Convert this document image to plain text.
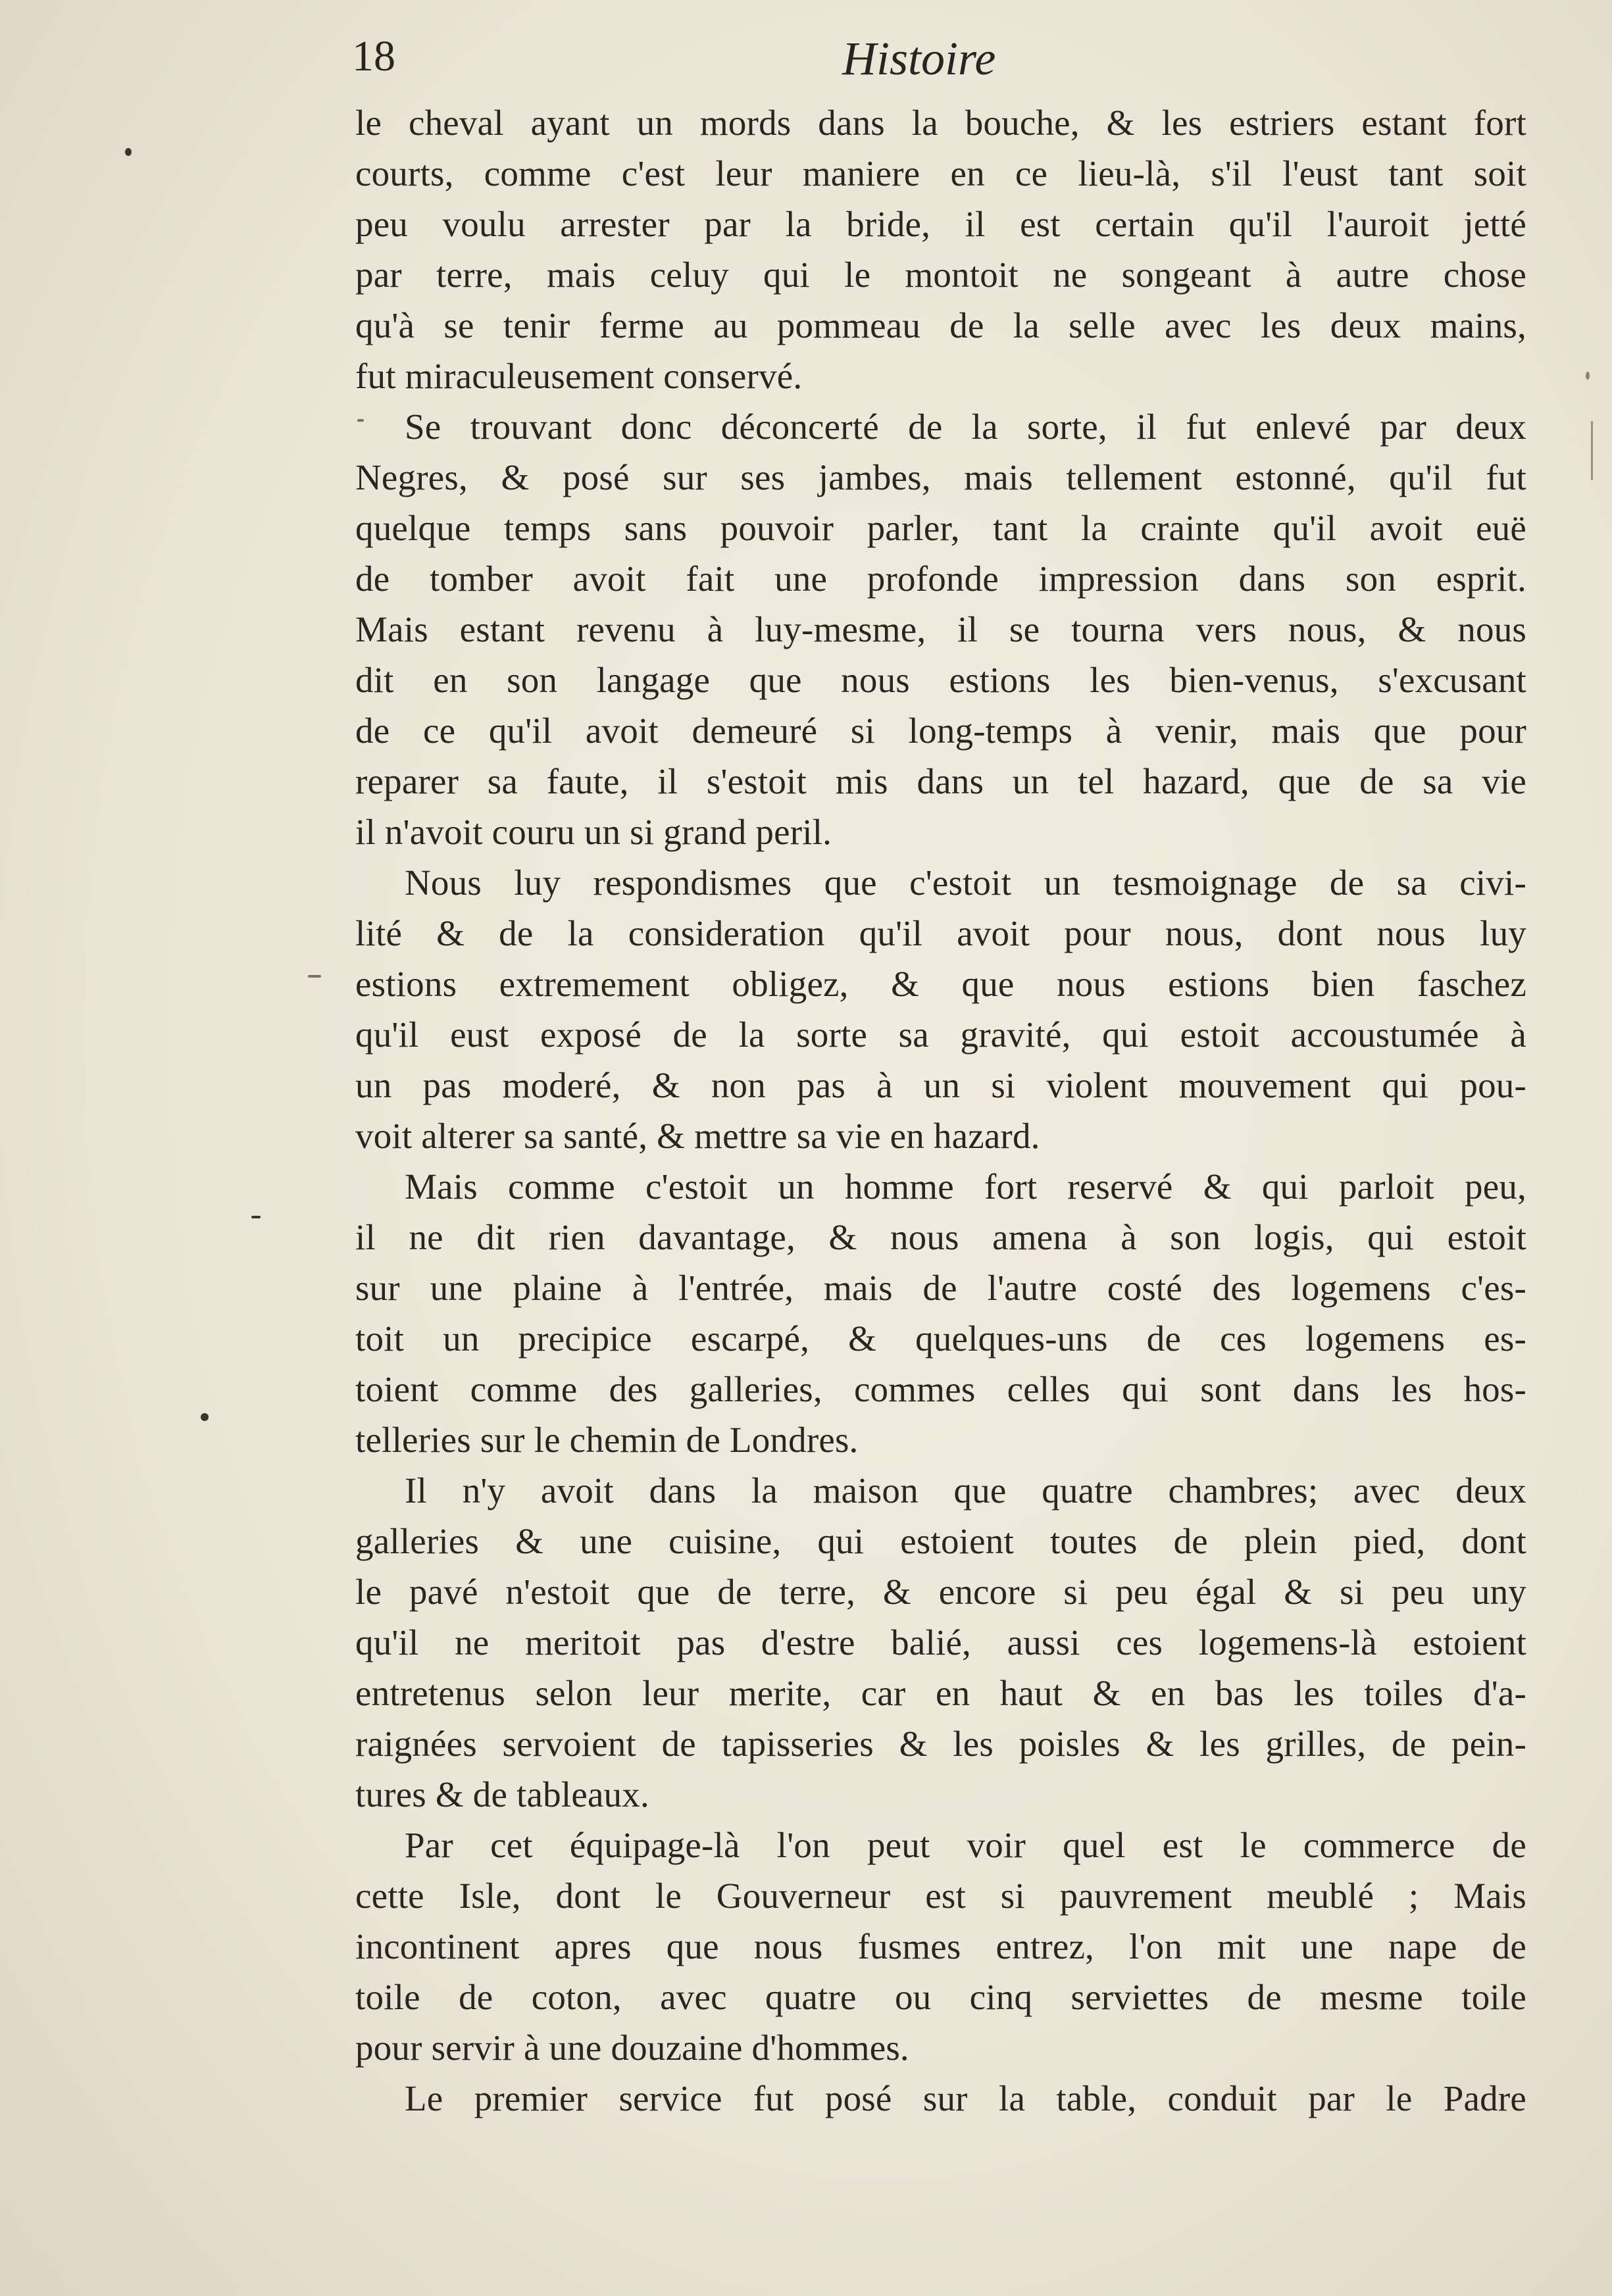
18	Histoire
le cheval ayant un mords dans la bouche, & les estriers estant fort
courts, comme c'est leur maniere en ce lieu-là, s'il l'eust tant soit
peu voulu arrester par la bride, il est certain qu'il l'auroit jetté
par terre, mais celuy qui le montoit ne songeant à autre chose
qu'à se tenir ferme au pommeau de la selle avec les deux mains,
fut miraculeusement conservé.
Se trouvant donc déconcerté de la sorte, il fut enlevé par deux
Negres, & posé sur ses jambes, mais tellement estonné, qu'il fut
quelque temps sans pouvoir parler, tant la crainte qu'il avoit euë
de tomber avoit fait une profonde impression dans son esprit.
Mais estant revenu à luy-mesme, il se tourna vers nous, & nous
dit en son langage que nous estions les bien-venus, s'excusant
de ce qu'il avoit demeuré si long-temps à venir, mais que pour
reparer sa faute, il s'estoit mis dans un tel hazard, que de sa vie
il n'avoit couru un si grand peril.
Nous luy respondismes que c'estoit un tesmoignage de sa civi-
lité & de la consideration qu'il avoit pour nous, dont nous luy
estions extremement obligez, & que nous estions bien faschez
qu'il eust exposé de la sorte sa gravité, qui estoit accoustumée à
un pas moderé, & non pas à un si violent mouvement qui pou-
voit alterer sa santé, & mettre sa vie en hazard.
Mais comme c'estoit un homme fort reservé & qui parloit peu,
il ne dit rien davantage, & nous amena à son logis, qui estoit
sur une plaine à l'entrée, mais de l'autre costé des logemens c'es-
toit un precipice escarpé, & quelques-uns de ces logemens es-
toient comme des galleries, commes celles qui sont dans les hos-
telleries sur le chemin de Londres.
Il n'y avoit dans la maison que quatre chambres; avec deux
galleries & une cuisine, qui estoient toutes de plein pied, dont
le pavé n'estoit que de terre, & encore si peu égal & si peu uny
qu'il ne meritoit pas d'estre balié, aussi ces logemens-là estoient
entretenus selon leur merite, car en haut & en bas les toiles d'a-
raignées servoient de tapisseries & les poisles & les grilles, de pein-
tures & de tableaux.
Par cet équipage-là l'on peut voir quel est le commerce de
cette Isle, dont le Gouverneur est si pauvrement meublé ; Mais
incontinent apres que nous fusmes entrez, l'on mit une nape de
toile de coton, avec quatre ou cinq serviettes de mesme toile
pour servir à une douzaine d'hommes.
Le premier service fut posé sur la table, conduit par le Padre
